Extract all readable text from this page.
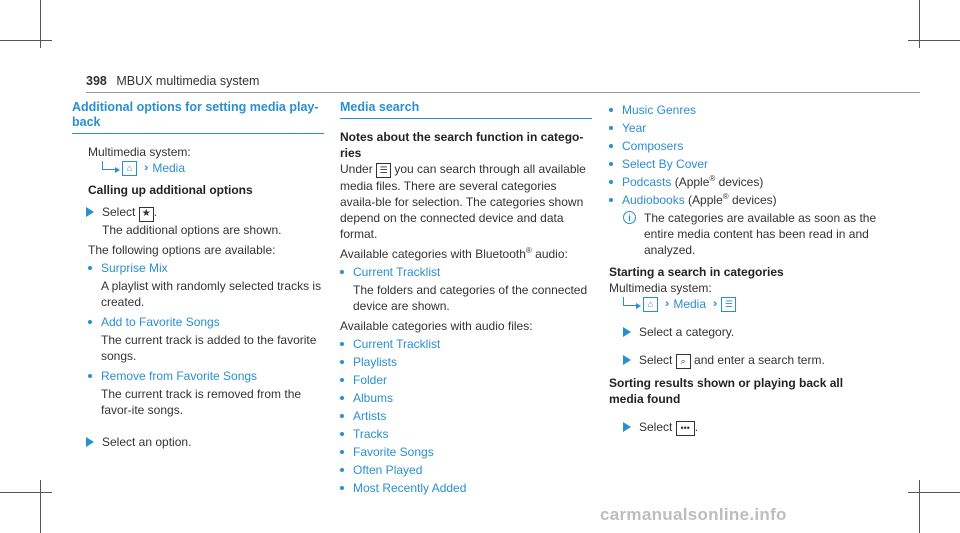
398 MBUX multimedia system
Additional options for setting media play-
back
Multimedia system:
⌂	›› Media
Calling up additional options
Select ★ .
The additional options are shown.
The following options are available:
Surprise Mix
A playlist with randomly selected tracks is created.
Add to Favorite Songs
The current track is added to the favorite songs.
Remove from Favorite Songs
The current track is removed from the favor-ite songs.
Select an option.
Media search
Notes about the search function in catego-ries
Under ☰ you can search through all available media files. There are several categories availa-ble for selection. The categories shown depend on the connected device and data format.
Available categories with Bluetooth® audio:
Current Tracklist
The folders and categories of the connected device are shown.
Available categories with audio files:
Current Tracklist
Playlists
Folder
Albums
Artists
Tracks
Favorite Songs
Often Played
Most Recently Added
Music Genres
Year
Composers
Select By Cover
Podcasts (Apple® devices)
Audiobooks (Apple® devices)
i	The categories are available as soon as the entire media content has been read in and analyzed.
Starting a search in categories
Multimedia system:
⌂	›› Media ››	☰
Select a category.
Select ⌕ and enter a search term.
Sorting results shown or playing back all media found
Select ••• .
carmanualsonline.info
